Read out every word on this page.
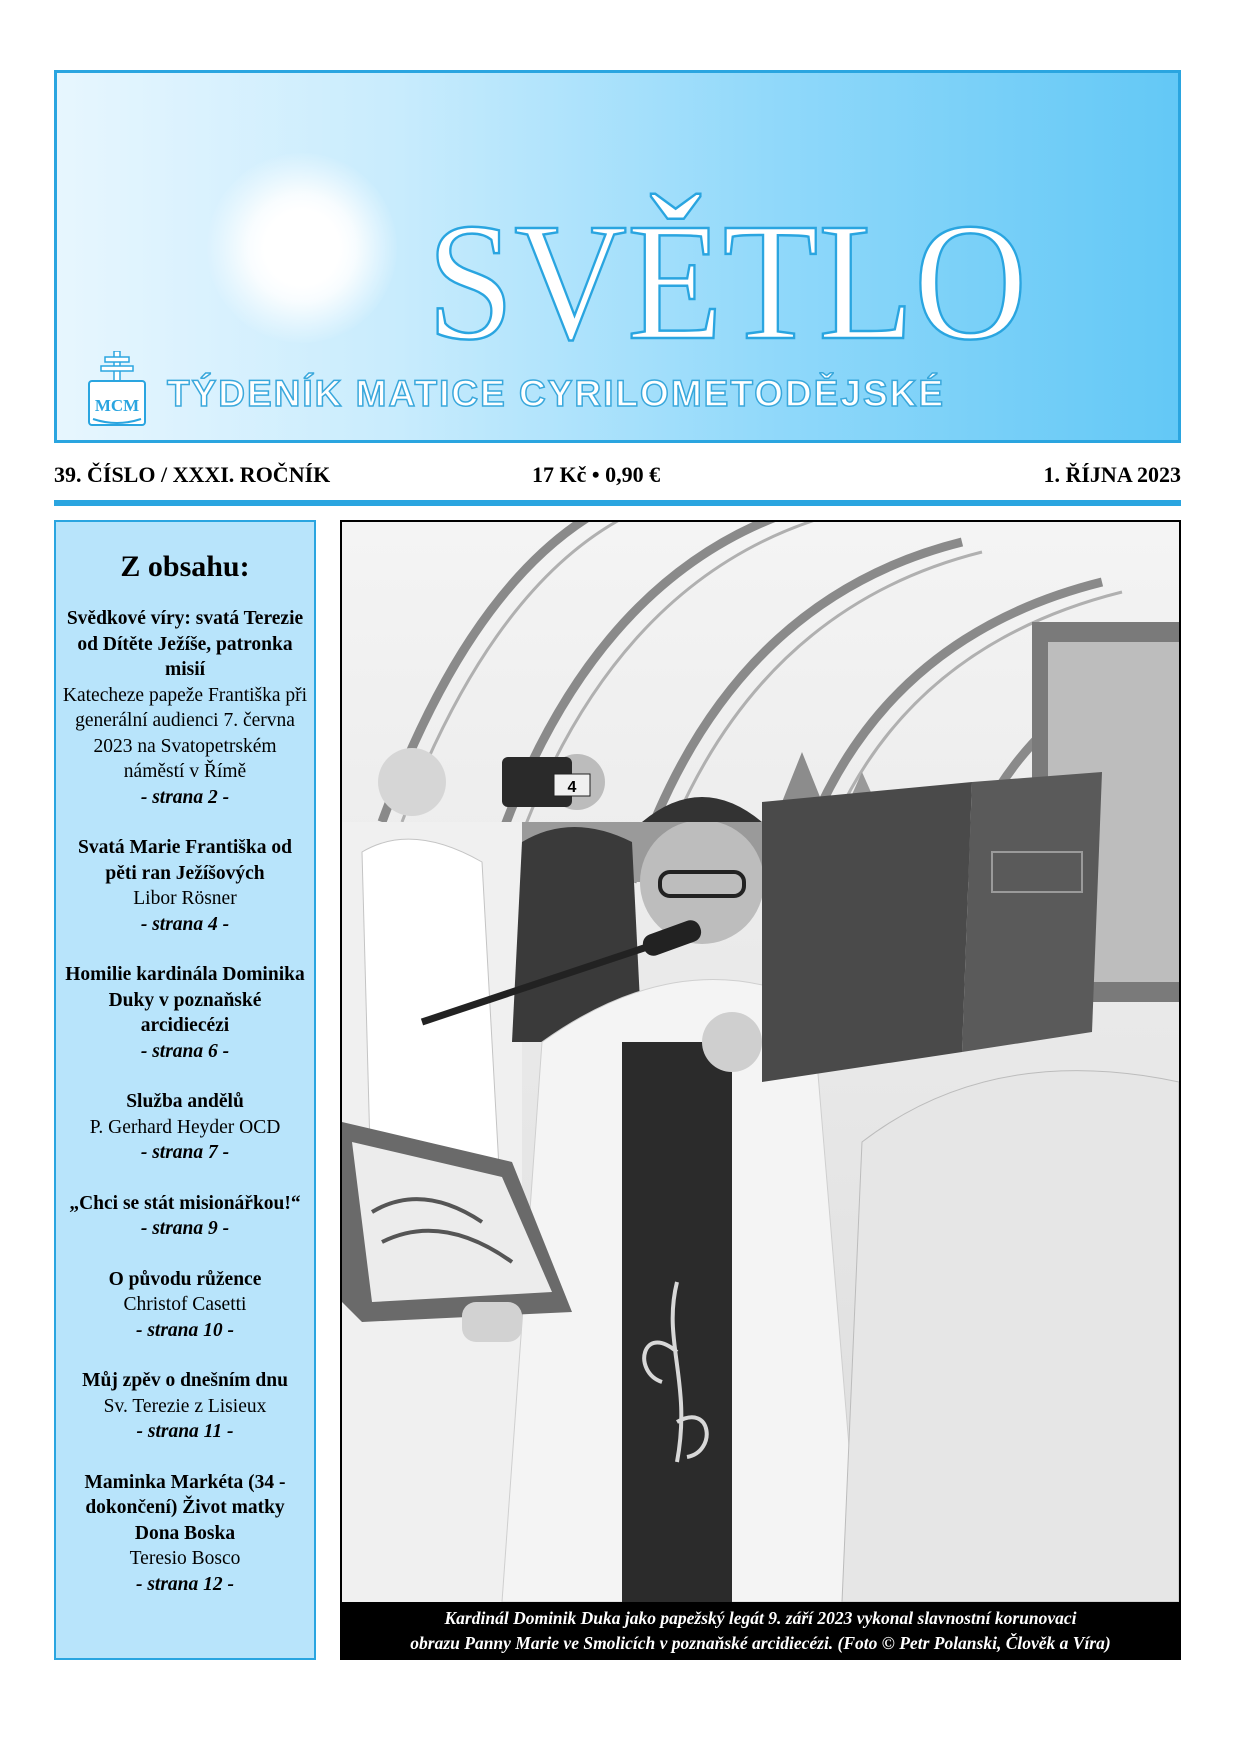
SVĚTLO
MCM TÝDENÍK MATICE CYRILOMETODĚJSKÉ
39. ČÍSLO / XXXI. ROČNÍK	17 Kč • 0,90 €	1. ŘÍJNA 2023
Z obsahu:
Svědkové víry: svatá Terezie od Dítěte Ježíše, patronka misií
Katecheze papeže Františka při generální audienci 7. června 2023 na Svatopetrském náměstí v Římě
- strana 2 -
Svatá Marie Františka od pěti ran Ježíšových
Libor Rösner
- strana 4 -
Homilie kardinála Dominika Duky v poznaňské arcidiecézi
- strana 6 -
Služba andělů
P. Gerhard Heyder OCD
- strana 7 -
„Chci se stát misionářkou!“
- strana 9 -
O původu růžence
Christof Casetti
- strana 10 -
Můj zpěv o dnešním dnu
Sv. Terezie z Lisieux
- strana 11 -
Maminka Markéta (34 - dokončení) Život matky Dona Boska
Teresio Bosco
- strana 12 -
4
Kardinál Dominik Duka jako papežský legát 9. září 2023 vykonal slavnostní korunovaci
obrazu Panny Marie ve Smolicích v poznaňské arcidiecézi. (Foto © Petr Polanski, Člověk a Víra)
